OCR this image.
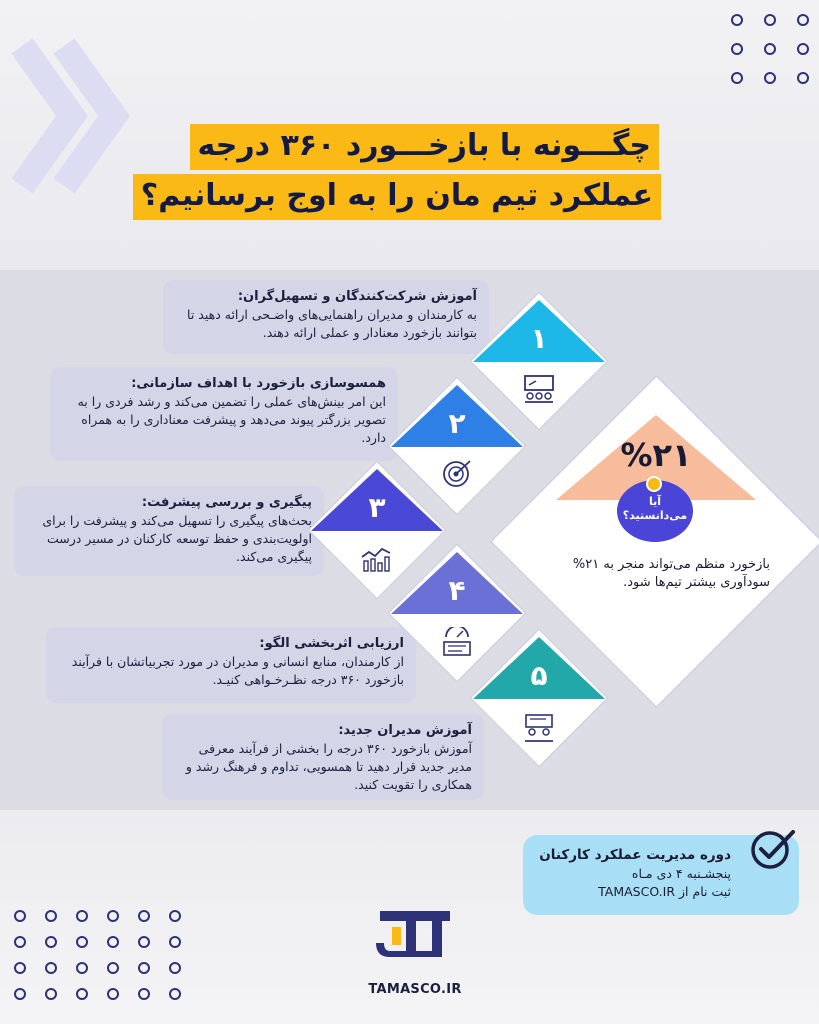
چگـــونه با بازخـــورد ۳۶۰ درجه
عملکرد تیم مان را به اوج برسانیم؟
آموزش شرکت‌کنندگان و تسهیل‌گران:

به کارمندان و مدیران راهنمایی‌های واضـحی ارائه دهید تا بتوانند بازخورد معنادار و عملی ارائه دهند.

همسوسازی بازخورد با اهداف سازمانی:

این امر بینش‌های عملی را تضمین می‌کند و رشد فردی را به تصویر بزرگتر پیوند می‌دهد و پیشرفت معناداری را به همراه دارد.

پیگیری و بررسی پیشرفت:

بحث‌های پیگیری را تسهیل می‌کند و پیشرفت را برای اولویت‌بندی و حفظ توسعه کارکنان در مسیر درست پیگیری می‌کند.

ارزیابی اثربخشی الگو:

از کارمندان، منابع انسانی و مدیران در مورد تجربیاتشان با فرآیند بازخورد ۳۶۰ درجه نظـرخـواهی کنیـد.

آموزش مدیران جدید:

آموزش بازخورد ۳۶۰ درجه را بخشی از فرآیند معرفی مدیر جدید قرار دهید تا همسویی، تداوم و فرهنگ رشد و همکاری را تقویت کنید.

۱
۲
۳
۴
۵
%۲۱
آیا می‌دانستید؟
بازخورد منظم می‌تواند منجر به ۲۱% سودآوری بیشتر تیم‌ها شود.
دوره مدیریت عملکرد کارکنان

پنجشـنبه ۴ دی مـاه

ثبت نام از TAMASCO.IR

TAMASCO.IR
